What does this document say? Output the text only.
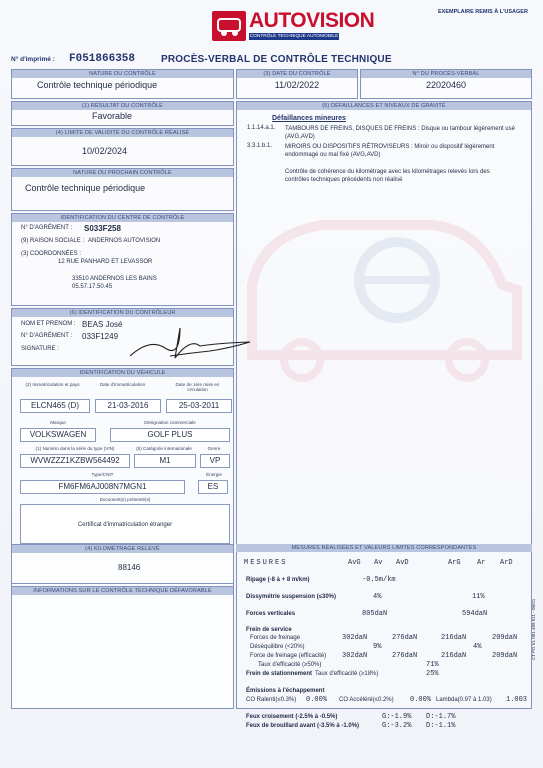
EXEMPLAIRE REMIS À L'USAGER
AUTOVISION
CONTRÔLE TECHNIQUE AUTOMOBILE
N° d'imprimé : F051866358	PROCÈS-VERBAL DE CONTRÔLE TECHNIQUE
NATURE DU CONTRÔLE
Contrôle technique périodique
(3) DATE DU CONTRÔLE
11/02/2022
N° DU PROCÈS-VERBAL
22020460
(1) RÉSULTAT DU CONTRÔLE
Favorable
(4) LIMITE DE VALIDITÉ DU CONTRÔLE RÉALISÉ
10/02/2024
NATURE DU PROCHAIN CONTRÔLE
Contrôle technique périodique
(5) DÉFAILLANCES ET NIVEAUX DE GRAVITÉ
Défaillances mineures
1.1.14.a.1.	TAMBOURS DE FREINS, DISQUES DE FREINS : Disque ou tambour légèrement usé (AVG,AVD)
3.3.1.b.1.	MIROIRS OU DISPOSITIFS RÉTROVISEURS : Miroir ou dispositif légèrement endommagé ou mal fixé (AVG,AVD)
Contrôle de cohérence du kilométrage avec les kilométrages relevés lors des contrôles techniques précédents non réalisé
IDENTIFICATION DU CENTRE DE CONTRÔLE
N° D'AGRÉMENT : S033F258
(9) RAISON SOCIALE : ANDERNOS AUTOVISION
(3) COORDONNÉES :
12 RUE PANHARD ET LEVASSOR
33510 ANDERNOS LES BAINS
05.57.17.50.45
(6) IDENTIFICATION DU CONTRÔLEUR
NOM ET PRENOM : BEAS José
N° D'AGRÉMENT : 033F1249
SIGNATURE :
IDENTIFICATION DU VÉHICULE
(2) Immatriculation et pays	Date d'immatriculation	Date de 1ère mise en circulation
ELCN465 (D)	21-03-2016	25-03-2011
Marque	Désignation commerciale
VOLKSWAGEN	GOLF PLUS
(1) Numéro dans la série du type (VIN)	(5) Catégorie internationale	Genre
WVWZZZ1KZBW564492	M1	VP
Type/CNIT	Énergie
FM6FM6AJ008N7MGN1	ES
Document(s) présenté(s)
Certificat d'immatriculation étranger
(4) KILOMÉTRAGE RELEVÉ
88146
INFORMATIONS SUR LE CONTRÔLE TECHNIQUE DÉFAVORABLE
MESURES RÉALISÉES ET VALEURS LIMITES CORRESPONDANTES
MESURES	AvG Av AvD	ArG Ar ArD
Ripage (-8 à + 8 m/km)	-0.5m/km
Dissymétrie suspension (≤30%)	4%	11%
Forces verticales	805daN	594daN
Frein de service
Forces de freinage	302daN	276daN	216daN	209daN
Déséquilibre (<20%)	9%	4%
Force de freinage (efficacité) 302daN	276daN	216daN	209daN
Taux d'efficacité (≥50%)	71%
Frein de stationnement Taux d'efficacité (≥18%)	25%
Émissions à l'échappement
CO Ralenti(≤0.3%) 0.00% CO Accéléré(≤0.2%) 0.00% Lambda(0.97 à 1.03) 1.003
Feux croisement (-2.5% à -0.5%)	G:-1.9% D:-1.7%
Feux de brouillard avant (-3.5% à -1.0%)	G:-3.2% D:-1.1%
CT PD VL 001 489 011 - 08/21
